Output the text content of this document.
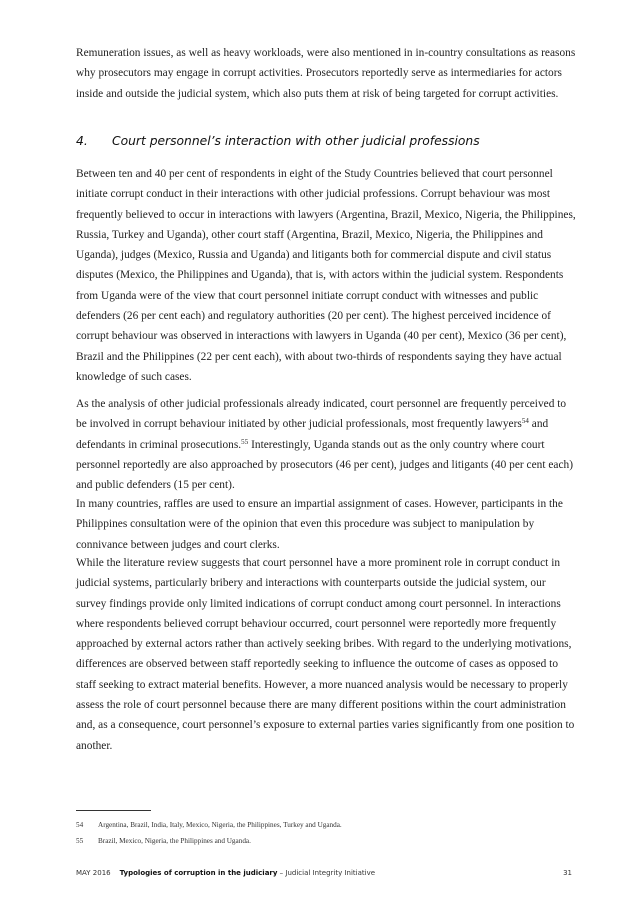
Remuneration issues, as well as heavy workloads, were also mentioned in in-country consultations as reasons why prosecutors may engage in corrupt activities. Prosecutors reportedly serve as intermediaries for actors inside and outside the judicial system, which also puts them at risk of being targeted for corrupt activities.

4. Court personnel’s interaction with other judicial professions

Between ten and 40 per cent of respondents in eight of the Study Countries believed that court personnel initiate corrupt conduct in their interactions with other judicial professions. Corrupt behaviour was most frequently believed to occur in interactions with lawyers (Argentina, Brazil, Mexico, Nigeria, the Philippines, Russia, Turkey and Uganda), other court staff (Argentina, Brazil, Mexico, Nigeria, the Philippines and Uganda), judges (Mexico, Russia and Uganda) and litigants both for commercial dispute and civil status disputes (Mexico, the Philippines and Uganda), that is, with actors within the judicial system. Respondents from Uganda were of the view that court personnel initiate corrupt conduct with witnesses and public defenders (26 per cent each) and regulatory authorities (20 per cent). The highest perceived incidence of corrupt behaviour was observed in interactions with lawyers in Uganda (40 per cent), Mexico (36 per cent), Brazil and the Philippines (22 per cent each), with about two-thirds of respondents saying they have actual knowledge of such cases.

As the analysis of other judicial professionals already indicated, court personnel are frequently perceived to be involved in corrupt behaviour initiated by other judicial professionals, most frequently lawyers$^{54}$ and defendants in criminal prosecutions.$^{55}$ Interestingly, Uganda stands out as the only country where court personnel reportedly are also approached by prosecutors (46 per cent), judges and litigants (40 per cent each) and public defenders (15 per cent).

In many countries, raffles are used to ensure an impartial assignment of cases. However, participants in the Philippines consultation were of the opinion that even this procedure was subject to manipulation by connivance between judges and court clerks.

While the literature review suggests that court personnel have a more prominent role in corrupt conduct in judicial systems, particularly bribery and interactions with counterparts outside the judicial system, our survey findings provide only limited indications of corrupt conduct among court personnel. In interactions where respondents believed corrupt behaviour occurred, court personnel were reportedly more frequently approached by external actors rather than actively seeking bribes. With regard to the underlying motivations, differences are observed between staff reportedly seeking to influence the outcome of cases as opposed to staff seeking to extract material benefits. However, a more nuanced analysis would be necessary to properly assess the role of court personnel because there are many different positions within the court administration and, as a consequence, court personnel’s exposure to external parties varies significantly from one position to another.

54 Argentina, Brazil, India, Italy, Mexico, Nigeria, the Philippines, Turkey and Uganda.
55 Brazil, Mexico, Nigeria, the Philippines and Uganda.
MAY 2016 Typologies of corruption in the judiciary – Judicial Integrity Initiative	31
